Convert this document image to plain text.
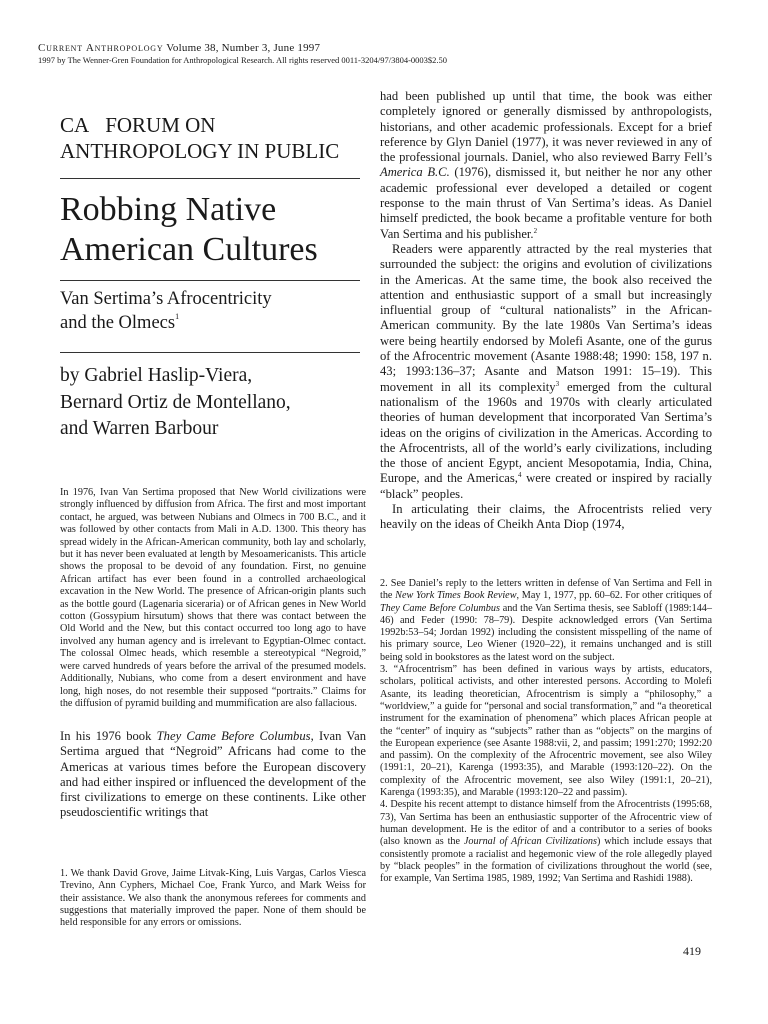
Current Anthropology Volume 38, Number 3, June 1997
1997 by The Wenner-Gren Foundation for Anthropological Research. All rights reserved 0011-3204/97/3804-0003$2.50
CA FORUM ON
ANTHROPOLOGY IN PUBLIC
Robbing Native
American Cultures
Van Sertima’s Afrocentricity
and the Olmecs$^1$
by Gabriel Haslip-Viera,
Bernard Ortiz de Montellano,
and Warren Barbour

In 1976, Ivan Van Sertima proposed that New World civilizations were strongly influenced by diffusion from Africa. The first and most important contact, he argued, was between Nubians and Olmecs in 700 B.C., and it was followed by other contacts from Mali in A.D. 1300. This theory has spread widely in the African-American community, both lay and scholarly, but it has never been evaluated at length by Mesoamericanists. This article shows the proposal to be devoid of any foundation. First, no genuine African artifact has ever been found in a controlled archaeological excavation in the New World. The presence of African-origin plants such as the bottle gourd (Lagenaria siceraria) or of African genes in New World cotton (Gossypium hirsutum) shows that there was contact between the Old World and the New, but this contact occurred too long ago to have involved any human agency and is irrelevant to Egyptian-Olmec contact. The colossal Olmec heads, which resemble a stereotypical “Negroid,” were carved hundreds of years before the arrival of the presumed models. Additionally, Nubians, who come from a desert environment and have long, high noses, do not resemble their supposed “portraits.” Claims for the diffusion of pyramid building and mummification are also fallacious.

In his 1976 book They Came Before Columbus, Ivan Van Sertima argued that “Negroid” Africans had come to the Americas at various times before the European discovery and had either inspired or influenced the development of the first civilizations to emerge on these continents. Like other pseudoscientific writings that

1. We thank David Grove, Jaime Litvak-King, Luis Vargas, Carlos Viesca Trevino, Ann Cyphers, Michael Coe, Frank Yurco, and Mark Weiss for their assistance. We also thank the anonymous referees for comments and suggestions that materially improved the paper. None of them should be held responsible for any errors or omissions.

had been published up until that time, the book was either completely ignored or generally dismissed by anthropologists, historians, and other academic professionals. Except for a brief reference by Glyn Daniel (1977), it was never reviewed in any of the professional journals. Daniel, who also reviewed Barry Fell’s America B.C. (1976), dismissed it, but neither he nor any other academic professional ever developed a detailed or cogent response to the main thrust of Van Sertima’s ideas. As Daniel himself predicted, the book became a profitable venture for both Van Sertima and his publisher.$^2$

Readers were apparently attracted by the real mysteries that surrounded the subject: the origins and evolution of civilizations in the Americas. At the same time, the book also received the attention and enthusiastic support of a small but increasingly influential group of “cultural nationalists” in the African-American community. By the late 1980s Van Sertima’s ideas were being heartily endorsed by Molefi Asante, one of the gurus of the Afrocentric movement (Asante 1988:48; 1990: 158, 197 n. 43; 1993:136–37; Asante and Matson 1991: 15–19). This movement in all its complexity$^3$ emerged from the cultural nationalism of the 1960s and 1970s with clearly articulated theories of human development that incorporated Van Sertima’s ideas on the origins of civilization in the Americas. According to the Afrocentrists, all of the world’s early civilizations, including the those of ancient Egypt, ancient Mesopotamia, India, China, Europe, and the Americas,$^4$ were created or inspired by racially “black” peoples.

In articulating their claims, the Afrocentrists relied very heavily on the ideas of Cheikh Anta Diop (1974,

2. See Daniel’s reply to the letters written in defense of Van Sertima and Fell in the New York Times Book Review, May 1, 1977, pp. 60–62. For other critiques of They Came Before Columbus and the Van Sertima thesis, see Sabloff (1989:144–46) and Feder (1990: 78–79). Despite acknowledged errors (Van Sertima 1992b:53–54; Jordan 1992) including the consistent misspelling of the name of his primary source, Leo Wiener (1920–22), it remains unchanged and is still being sold in bookstores as the latest word on the subject.

3. “Afrocentrism” has been defined in various ways by artists, educators, scholars, political activists, and other interested persons. According to Molefi Asante, its leading theoretician, Afrocentrism is simply a “philosophy,” a “worldview,” a guide for “personal and social transformation,” and “a theoretical instrument for the examination of phenomena” which places African people at the “center” of inquiry as “subjects” rather than as “objects” on the margins of the European experience (see Asante 1988:vii, 2, and passim; 1991:270; 1992:20 and passim). On the complexity of the Afrocentric movement, see also Wiley (1991:1, 20–21), Karenga (1993:35), and Marable (1993:120–22). On the complexity of the Afrocentric movement, see also Wiley (1991:1, 20–21), Karenga (1993:35), and Marable (1993:120–22 and passim).

4. Despite his recent attempt to distance himself from the Afrocentrists (1995:68, 73), Van Sertima has been an enthusiastic supporter of the Afrocentric view of human development. He is the editor of and a contributor to a series of books (also known as the Journal of African Civilizations) which include essays that consistently promote a racialist and hegemonic view of the role allegedly played by “black peoples” in the formation of civilizations throughout the world (see, for example, Van Sertima 1985, 1989, 1992; Van Sertima and Rashidi 1988).

419
